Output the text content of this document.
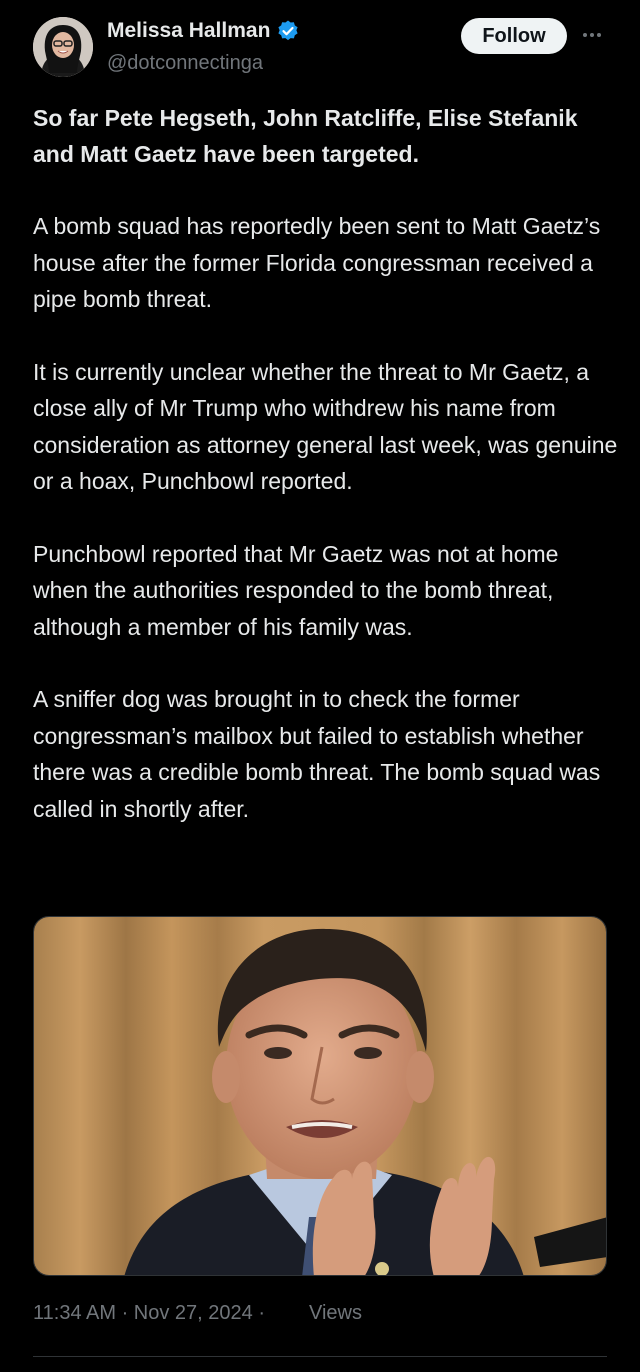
Melissa Hallman
@dotconnectinga
Follow

So far Pete Hegseth, John Ratcliffe, Elise Stefanik and Matt Gaetz have been targeted.

A bomb squad has reportedly been sent to Matt Gaetz’s house after the former Florida congressman received a pipe bomb threat.

It is currently unclear whether the threat to Mr Gaetz, a close ally of Mr Trump who withdrew his name from consideration as attorney general last week, was genuine or a hoax, Punchbowl reported.

Punchbowl reported that Mr Gaetz was not at home when the authorities responded to the bomb threat, although a member of his family was.

A sniffer dog was brought in to check the former congressman’s mailbox but failed to establish whether there was a credible bomb threat. The bomb squad was called in shortly after.

11:34 AM · Nov 27, 2024 · Views
